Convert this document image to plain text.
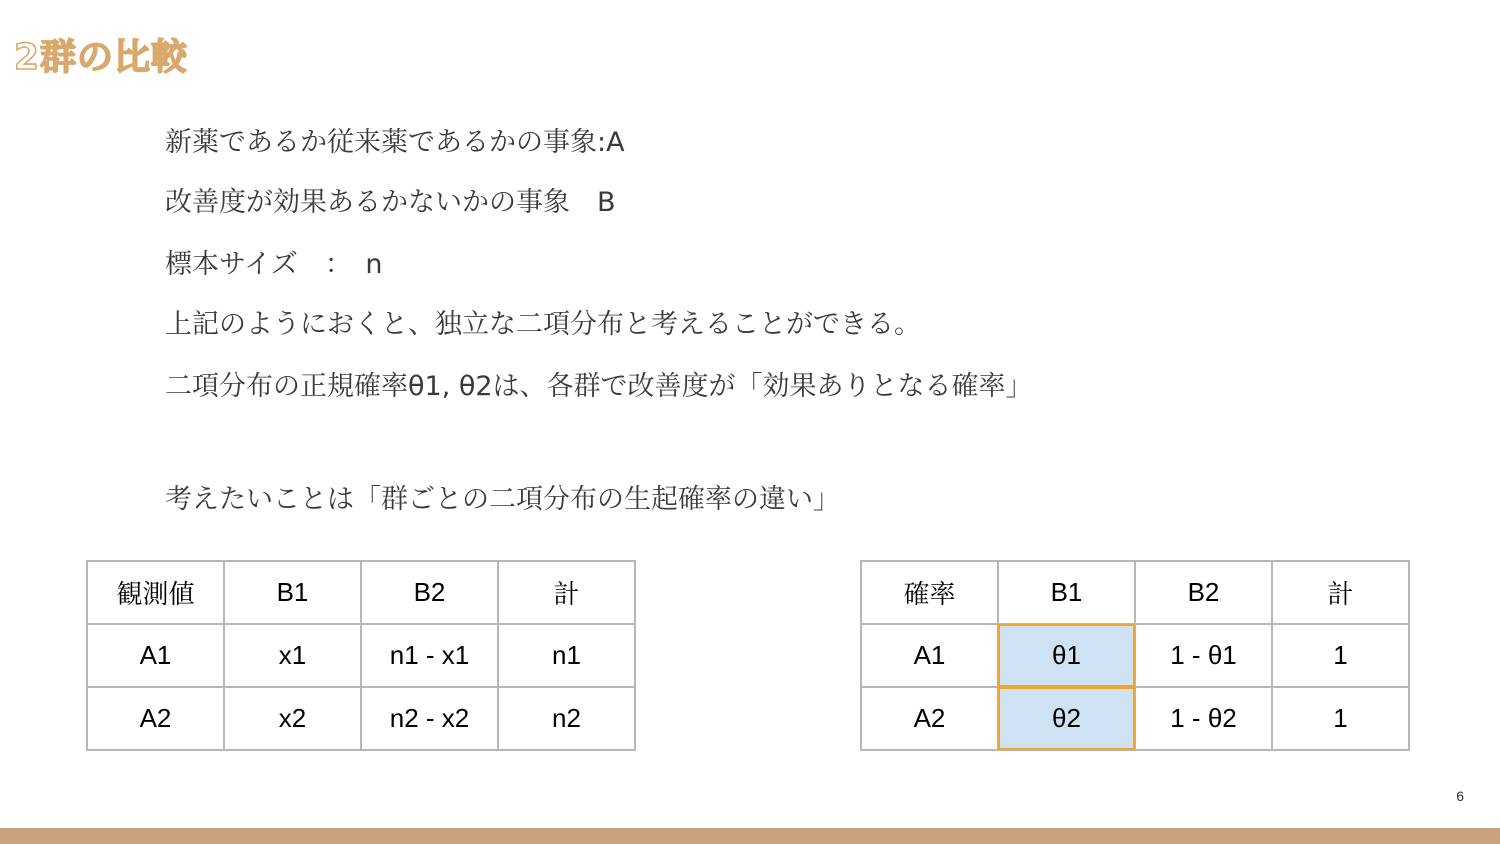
2群の比較
新薬であるか従来薬であるかの事象:A
改善度が効果あるかないかの事象　B
標本サイズ　：　n
上記のようにおくと、独立な二項分布と考えることができる。
二項分布の正規確率θ1, θ2は、各群で改善度が「効果ありとなる確率」
考えたいことは「群ごとの二項分布の生起確率の違い」
観測値	B1	B2	計
A1	x1	n1 - x1	n1
A2	x2	n2 - x2	n2
確率	B1	B2	計
A1	θ1	1 - θ1	1
A2	θ2	1 - θ2	1
6
